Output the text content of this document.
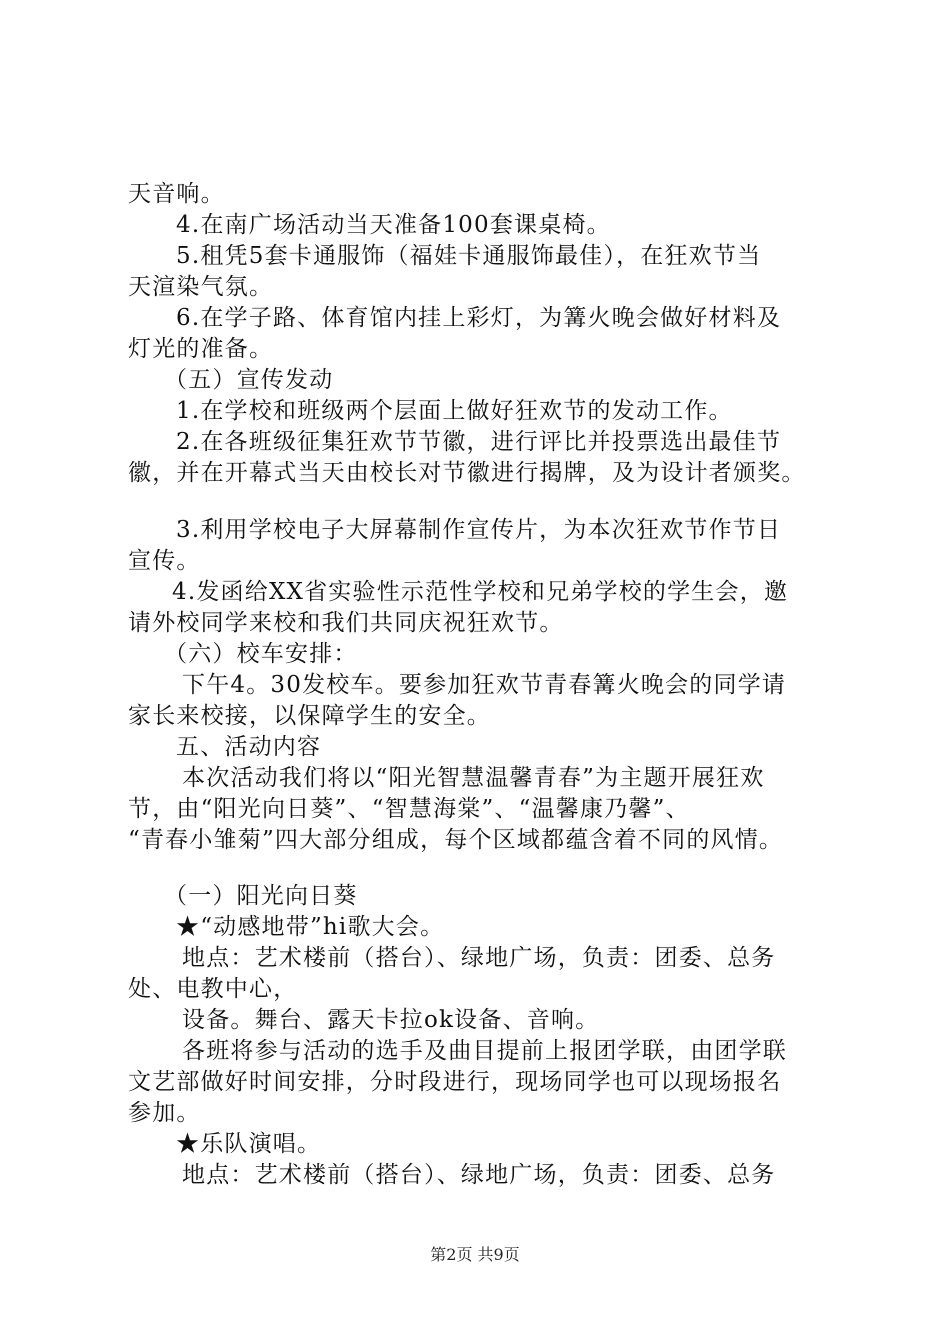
天音响。
4.在南广场活动当天准备100套课桌椅。
5.租凭5套卡通服饰（福娃卡通服饰最佳），在狂欢节当
天渲染气氛。
6.在学子路、体育馆内挂上彩灯，为篝火晚会做好材料及
灯光的准备。
（五）宣传发动
1.在学校和班级两个层面上做好狂欢节的发动工作。
2.在各班级征集狂欢节节徽，进行评比并投票选出最佳节
徽，并在开幕式当天由校长对节徽进行揭牌，及为设计者颁奖。
3.利用学校电子大屏幕制作宣传片，为本次狂欢节作节日
宣传。
4.发函给XX省实验性示范性学校和兄弟学校的学生会，邀
请外校同学来校和我们共同庆祝狂欢节。
（六）校车安排：
下午4。30发校车。要参加狂欢节青春篝火晚会的同学请
家长来校接，以保障学生的安全。
五、活动内容
本次活动我们将以“阳光智慧温馨青春”为主题开展狂欢
节，由“阳光向日葵”、“智慧海棠”、“温馨康乃馨”、
“青春小雏菊”四大部分组成，每个区域都蕴含着不同的风情。
（一）阳光向日葵
★“动感地带”hi歌大会。
地点：艺术楼前（搭台）、绿地广场，负责：团委、总务
处、电教中心，
设备。舞台、露天卡拉ok设备、音响。
各班将参与活动的选手及曲目提前上报团学联，由团学联
文艺部做好时间安排，分时段进行，现场同学也可以现场报名
参加。
★乐队演唱。
地点：艺术楼前（搭台）、绿地广场，负责：团委、总务
第2页 共9页
